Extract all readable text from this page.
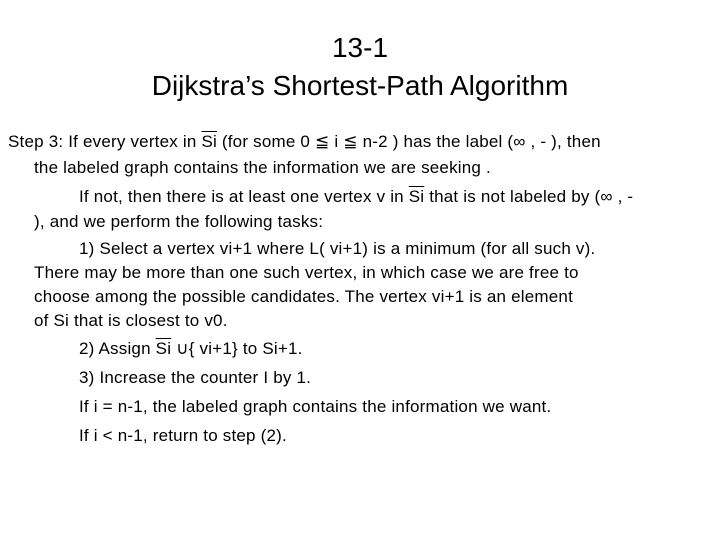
13-1
Dijkstra’s Shortest-Path Algorithm
Step 3: If every vertex in $\overline{Si}$ (for some 0 ≦ i ≦ n-2 ) has the label (∞ , - ), then
the labeled graph contains the information we are seeking .
If not, then there is at least one vertex v in $\overline{Si}$ that is not labeled by (∞ , -
), and we perform the following tasks:
1) Select a vertex vi+1 where L( vi+1) is a minimum (for all such v).
There may be more than one such vertex, in which case we are free to
choose among the possible candidates. The vertex vi+1 is an element
of Si that is closest to v0.
2) Assign $\overline{Si}$ ∪{ vi+1} to Si+1.
3) Increase the counter I by 1.
If i = n-1, the labeled graph contains the information we want.
If i < n-1, return to step (2).
